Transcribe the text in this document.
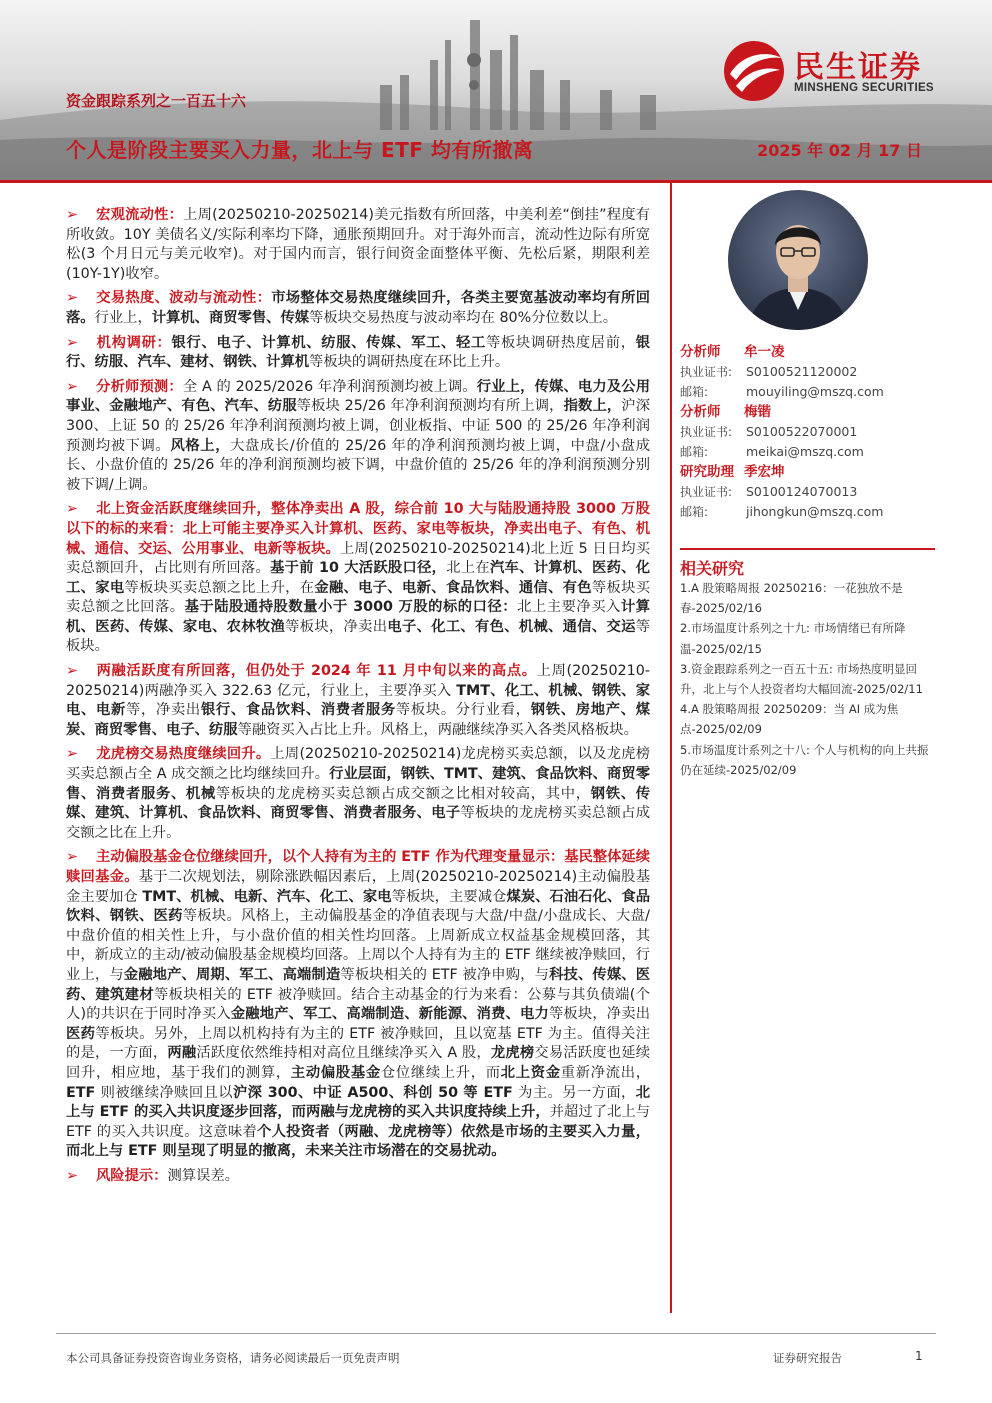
资金跟踪系列之一百五十六
个人是阶段主要买入力量，北上与 ETF 均有所撤离	2025 年 02 月 17 日
民生证券
MINSHENG SECURITIES
➢ 宏观流动性：上周(20250210-20250214)美元指数有所回落，中美利差“倒挂”程度有所收敛。10Y 美债名义/实际利率均下降，通胀预期回升。对于海外而言，流动性边际有所宽松(3 个月日元与美元收窄)。对于国内而言，银行间资金面整体平衡、先松后紧，期限利差(10Y-1Y)收窄。
➢ 交易热度、波动与流动性：市场整体交易热度继续回升，各类主要宽基波动率均有所回落。行业上，计算机、商贸零售、传媒等板块交易热度与波动率均在 80%分位数以上。
➢ 机构调研：银行、电子、计算机、纺服、传媒、军工、轻工等板块调研热度居前，银行、纺服、汽车、建材、钢铁、计算机等板块的调研热度在环比上升。
➢ 分析师预测：全 A 的 2025/2026 年净利润预测均被上调。行业上，传媒、电力及公用事业、金融地产、有色、汽车、纺服等板块 25/26 年净利润预测均有所上调，指数上，沪深 300、上证 50 的 25/26 年净利润预测均被上调，创业板指、中证 500 的 25/26 年净利润预测均被下调。风格上，大盘成长/价值的 25/26 年的净利润预测均被上调，中盘/小盘成长、小盘价值的 25/26 年的净利润预测均被下调，中盘价值的 25/26 年的净利润预测分别被下调/上调。
➢ 北上资金活跃度继续回升，整体净卖出 A 股，综合前 10 大与陆股通持股 3000 万股以下的标的来看：北上可能主要净买入计算机、医药、家电等板块，净卖出电子、有色、机械、通信、交运、公用事业、电新等板块。上周(20250210-20250214)北上近 5 日日均买卖总额回升，占比则有所回落。基于前 10 大活跃股口径，北上在汽车、计算机、医药、化工、家电等板块买卖总额之比上升，在金融、电子、电新、食品饮料、通信、有色等板块买卖总额之比回落。基于陆股通持股数量小于 3000 万股的标的口径：北上主要净买入计算机、医药、传媒、家电、农林牧渔等板块，净卖出电子、化工、有色、机械、通信、交运等板块。
➢ 两融活跃度有所回落，但仍处于 2024 年 11 月中旬以来的高点。上周(20250210-20250214)两融净买入 322.63 亿元，行业上，主要净买入 TMT、化工、机械、钢铁、家电、电新等，净卖出银行、食品饮料、消费者服务等板块。分行业看，钢铁、房地产、煤炭、商贸零售、电子、纺服等融资买入占比上升。风格上，两融继续净买入各类风格板块。
➢ 龙虎榜交易热度继续回升。上周(20250210-20250214)龙虎榜买卖总额，以及龙虎榜买卖总额占全 A 成交额之比均继续回升。行业层面，钢铁、TMT、建筑、食品饮料、商贸零售、消费者服务、机械等板块的龙虎榜买卖总额占成交额之比相对较高，其中，钢铁、传媒、建筑、计算机、食品饮料、商贸零售、消费者服务、电子等板块的龙虎榜买卖总额占成交额之比在上升。
➢ 主动偏股基金仓位继续回升，以个人持有为主的 ETF 作为代理变量显示：基民整体延续赎回基金。基于二次规划法，剔除涨跌幅因素后，上周(20250210-20250214)主动偏股基金主要加仓 TMT、机械、电新、汽车、化工、家电等板块，主要减仓煤炭、石油石化、食品饮料、钢铁、医药等板块。风格上，主动偏股基金的净值表现与大盘/中盘/小盘成长、大盘/中盘价值的相关性上升，与小盘价值的相关性均回落。上周新成立权益基金规模回落，其中，新成立的主动/被动偏股基金规模均回落。上周以个人持有为主的 ETF 继续被净赎回，行业上，与金融地产、周期、军工、高端制造等板块相关的 ETF 被净申购，与科技、传媒、医药、建筑建材等板块相关的 ETF 被净赎回。结合主动基金的行为来看：公募与其负债端(个人)的共识在于同时净买入金融地产、军工、高端制造、新能源、消费、电力等板块，净卖出医药等板块。另外，上周以机构持有为主的 ETF 被净赎回，且以宽基 ETF 为主。值得关注的是，一方面，两融活跃度依然维持相对高位且继续净买入 A 股，龙虎榜交易活跃度也延续回升，相应地，基于我们的测算，主动偏股基金仓位继续上升，而北上资金重新净流出，ETF 则被继续净赎回且以沪深 300、中证 A500、科创 50 等 ETF 为主。另一方面，北上与 ETF 的买入共识度逐步回落，而两融与龙虎榜的买入共识度持续上升，并超过了北上与 ETF 的买入共识度。这意味着个人投资者（两融、龙虎榜等）依然是市场的主要买入力量，而北上与 ETF 则呈现了明显的撤离，未来关注市场潜在的交易扰动。
➢ 风险提示：测算误差。
分析师 牟一凌
执业证书: S0100521120002
邮箱:	mouyiling@mszq.com
分析师 梅锴
执业证书: S0100522070001
邮箱:	meikai@mszq.com
研究助理 季宏坤
执业证书: S0100124070013
邮箱:	jihongkun@mszq.com
相关研究
1.A 股策略周报 20250216：一花独放不是春-2025/02/16
2.市场温度计系列之十九: 市场情绪已有所降温-2025/02/15
3.资金跟踪系列之一百五十五: 市场热度明显回升，北上与个人投资者均大幅回流-2025/02/11
4.A 股策略周报 20250209：当 AI 成为焦点-2025/02/09
5.市场温度计系列之十八: 个人与机构的向上共振仍在延续-2025/02/09
本公司具备证券投资咨询业务资格，请务必阅读最后一页免责声明	证券研究报告	1
